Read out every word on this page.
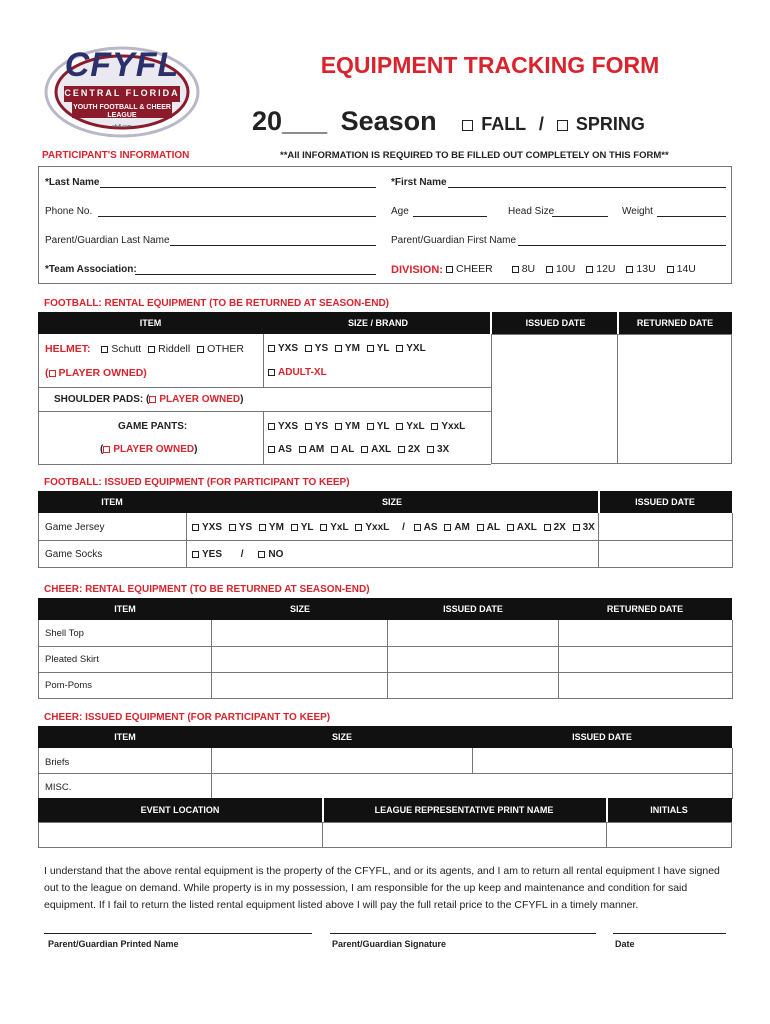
CFYFL
CENTRAL FLORIDA
YOUTH FOOTBALL & CHEER
LEAGUE
cfyfl.com
EQUIPMENT TRACKING FORM
20___ Season FALL / SPRING
PARTICIPANT'S INFORMATION	**All INFORMATION IS REQUIRED TO BE FILLED OUT COMPLETELY ON THIS FORM**
*Last Name	*First Name
Phone No.	Age	Head Size	Weight
Parent/Guardian Last Name	Parent/Guardian First Name
*Team Association:	DIVISION:	CHEER	8U 10U 12U 13U 14U
FOOTBALL: RENTAL EQUIPMENT (TO BE RETURNED AT SEASON-END)
ITEM	SIZE / BRAND	ISSUED DATE	RETURNED DATE
HELMET: Schutt Riddell OTHER	YXS YS YM YL YXL
( PLAYER OWNED)	ADULT-XL
SHOULDER PADS: ( PLAYER OWNED)
GAME PANTS:
( PLAYER OWNED)
YXS YS YM YL YxL YxxL
AS AM AL AXL 2X 3X
FOOTBALL: ISSUED EQUIPMENT (FOR PARTICIPANT TO KEEP)
ITEM	SIZE	ISSUED DATE
Game Jersey	YXS YS YM YL YxL YxxL / AS AM AL AXL 2X 3X
Game Socks	YES / NO
CHEER: RENTAL EQUIPMENT (TO BE RETURNED AT SEASON-END)
ITEM	SIZE	ISSUED DATE	RETURNED DATE
Shell Top
Pleated Skirt
Pom-Poms
CHEER: ISSUED EQUIPMENT (FOR PARTICIPANT TO KEEP)
ITEM	SIZE	ISSUED DATE
Briefs
MISC.
EVENT LOCATION	LEAGUE REPRESENTATIVE PRINT NAME	INITIALS
I understand that the above rental equipment is the property of the CFYFL, and or its agents, and I am to return all rental equipment I have signed out to the league on demand. While property is in my possession, I am responsible for the up keep and maintenance and condition for said equipment. If I fail to return the listed rental equipment listed above I will pay the full retail price to the CFYFL in a timely manner.
Parent/Guardian Printed Name	Parent/Guardian Signature	Date
